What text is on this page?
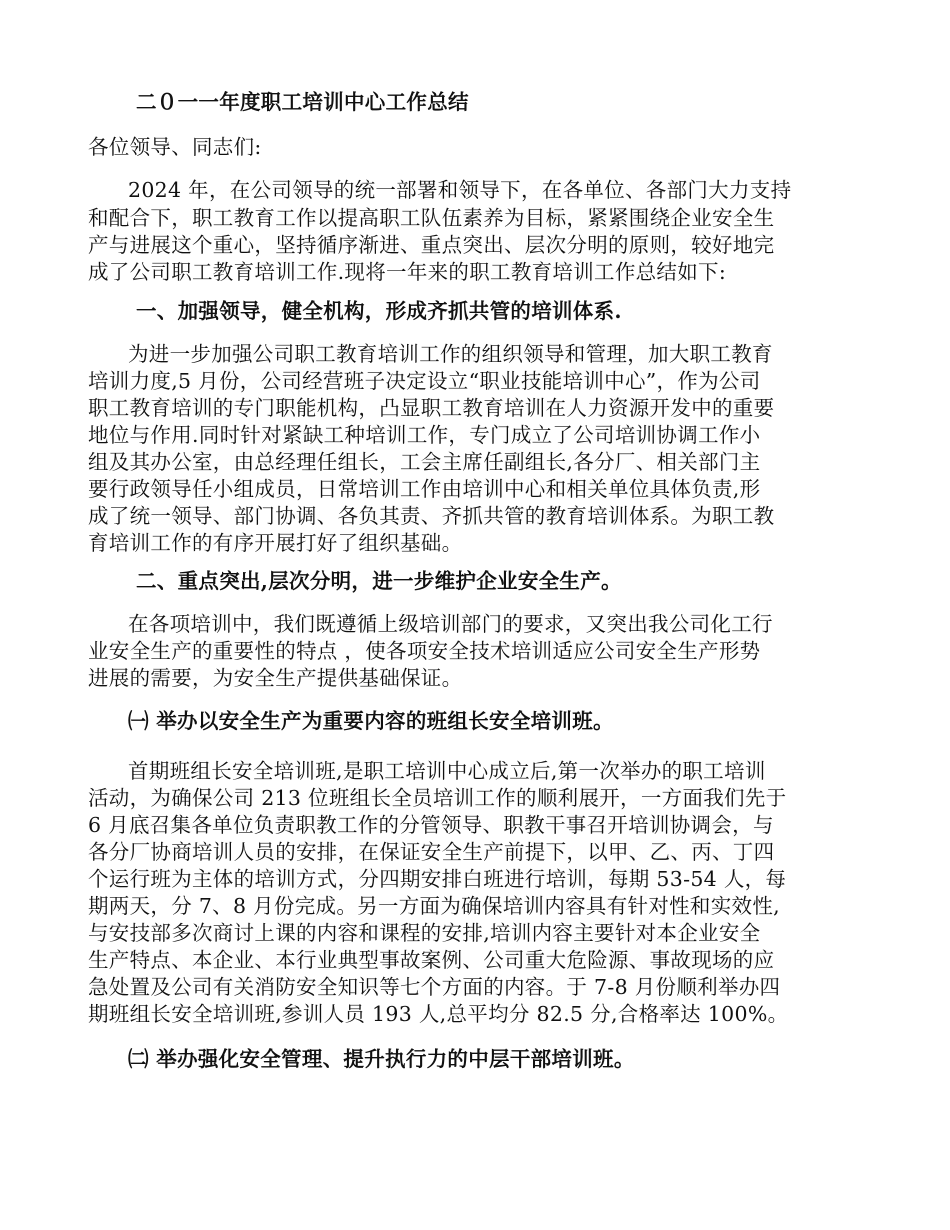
二０一一年度职工培训中心工作总结
各位领导、同志们:
2024 年，在公司领导的统一部署和领导下，在各单位、各部门大力支持
和配合下，职工教育工作以提高职工队伍素养为目标，紧紧围绕企业安全生
产与进展这个重心，坚持循序渐进、重点突出、层次分明的原则，较好地完
成了公司职工教育培训工作.现将一年来的职工教育培训工作总结如下:
一、加强领导，健全机构，形成齐抓共管的培训体系.
为进一步加强公司职工教育培训工作的组织领导和管理，加大职工教育
培训力度,5 月份，公司经营班子决定设立“职业技能培训中心”，作为公司
职工教育培训的专门职能机构，凸显职工教育培训在人力资源开发中的重要
地位与作用.同时针对紧缺工种培训工作，专门成立了公司培训协调工作小
组及其办公室，由总经理任组长，工会主席任副组长,各分厂、相关部门主
要行政领导任小组成员，日常培训工作由培训中心和相关单位具体负责,形
成了统一领导、部门协调、各负其责、齐抓共管的教育培训体系。为职工教
育培训工作的有序开展打好了组织基础。
二、重点突出,层次分明，进一步维护企业安全生产。
在各项培训中，我们既遵循上级培训部门的要求，又突出我公司化工行
业安全生产的重要性的特点 ，使各项安全技术培训适应公司安全生产形势
进展的需要，为安全生产提供基础保证。
㈠ 举办以安全生产为重要内容的班组长安全培训班。
首期班组长安全培训班,是职工培训中心成立后,第一次举办的职工培训
活动，为确保公司 213 位班组长全员培训工作的顺利展开，一方面我们先于
6 月底召集各单位负责职教工作的分管领导、职教干事召开培训协调会，与
各分厂协商培训人员的安排，在保证安全生产前提下，以甲、乙、丙、丁四
个运行班为主体的培训方式，分四期安排白班进行培训，每期 53-54 人，每
期两天，分 7、8 月份完成。另一方面为确保培训内容具有针对性和实效性,
与安技部多次商讨上课的内容和课程的安排,培训内容主要针对本企业安全
生产特点、本企业、本行业典型事故案例、公司重大危险源、事故现场的应
急处置及公司有关消防安全知识等七个方面的内容。于 7-8 月份顺利举办四
期班组长安全培训班,参训人员 193 人,总平均分 82.5 分,合格率达 100%。
㈡ 举办强化安全管理、提升执行力的中层干部培训班。
